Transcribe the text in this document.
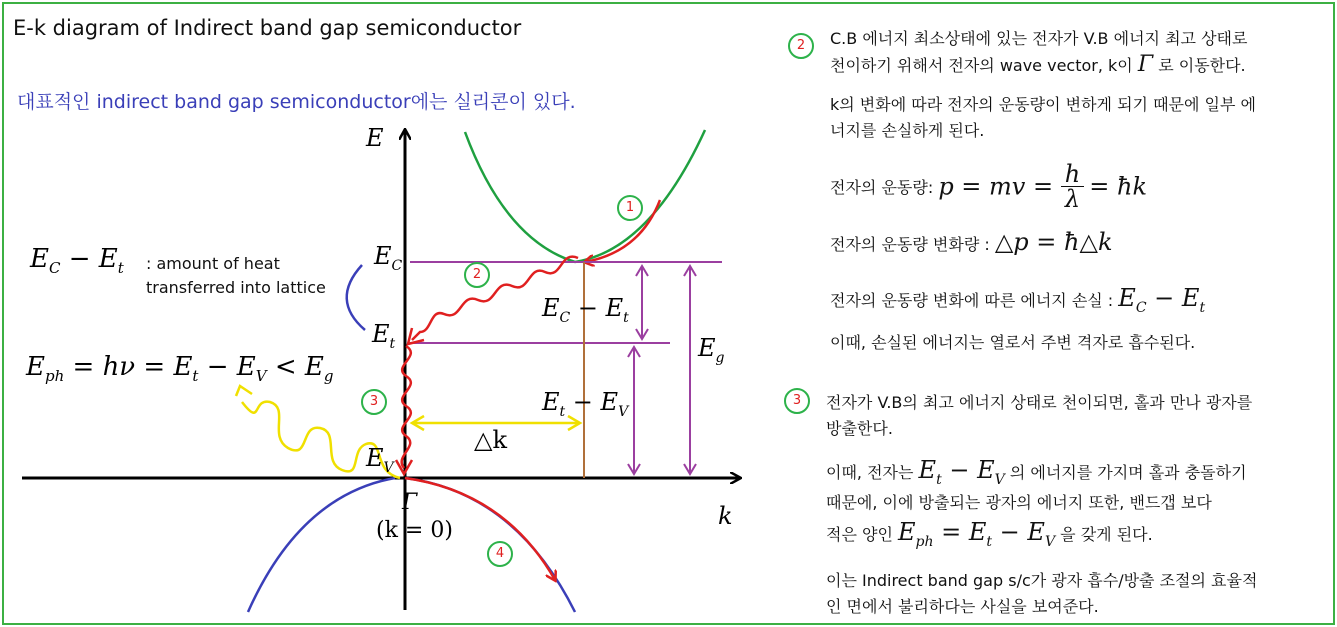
E-k diagram of Indirect band gap semiconductor
대표적인 indirect band gap semiconductor에는 실리콘이 있다.
E
k
$E_C$
$E_t$
$E_V$
Γ
(k = 0)
$E_C - E_t$
$E_t - E_V$
$E_g$
△k
1
2
3
4
$E_C - E_t$ : amount of heat
transferred into lattice
$E_{ph} = h\nu = E_t - E_V < E_g$
2	C.B 에너지 최소상태에 있는 전자가 V.B 에너지 최고 상태로
천이하기 위해서 전자의 wave vector, k이 Γ 로 이동한다.
k의 변화에 따라 전자의 운동량이 변하게 되기 때문에 일부 에
너지를 손실하게 된다.
전자의 운동량: p = mv = $\frac{h}{\lambda}$ = ħk
전자의 운동량 변화량 : △p = ħ△k
전자의 운동량 변화에 따른 에너지 손실 : $E_C - E_t$
이때, 손실된 에너지는 열로서 주변 격자로 흡수된다.
3	전자가 V.B의 최고 에너지 상태로 천이되면, 홀과 만나 광자를
방출한다.
이때, 전자는 $E_t - E_V$ 의 에너지를 가지며 홀과 충돌하기
때문에, 이에 방출되는 광자의 에너지 또한, 밴드갭 보다
적은 양인 $E_{ph} = E_t - E_V$ 을 갖게 된다.
이는 Indirect band gap s/c가 광자 흡수/방출 조절의 효율적
인 면에서 불리하다는 사실을 보여준다.
